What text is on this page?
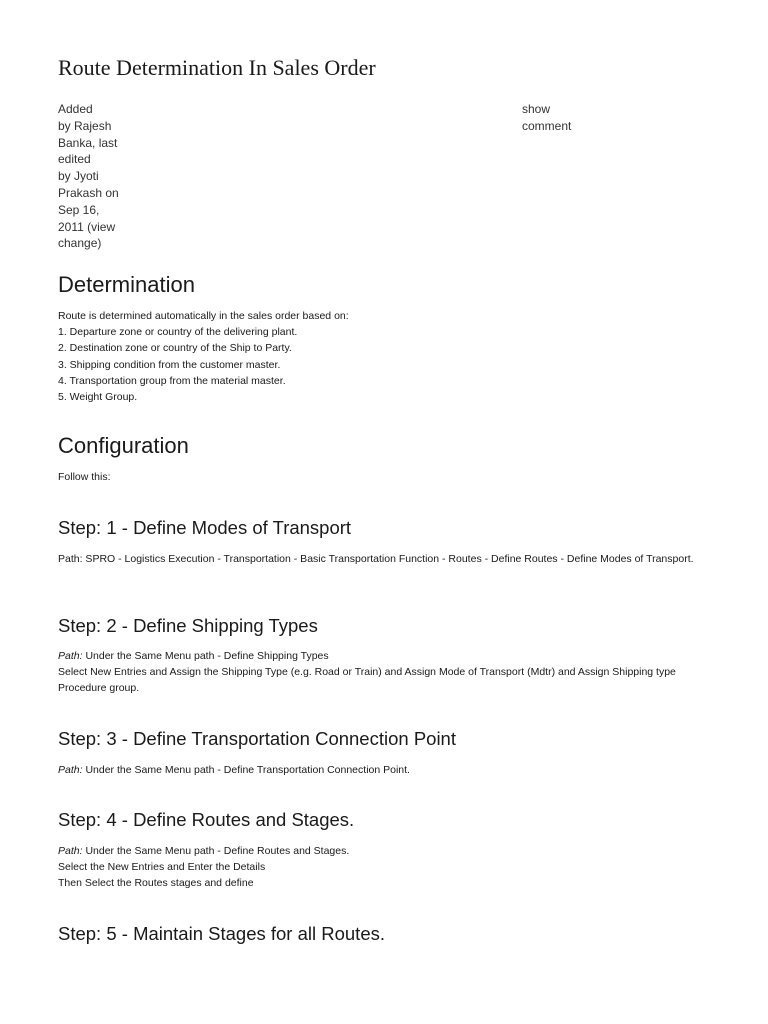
Route Determination In Sales Order
Added
by Rajesh
Banka, last
edited
by Jyoti
Prakash on
Sep 16,
2011 (view
change)
show
comment
Determination
Route is determined automatically in the sales order based on:
1. Departure zone or country of the delivering plant.
2. Destination zone or country of the Ship to Party.
3. Shipping condition from the customer master.
4. Transportation group from the material master.
5. Weight Group.
Configuration
Follow this:
Step: 1 - Define Modes of Transport
Path: SPRO - Logistics Execution - Transportation - Basic Transportation Function - Routes - Define Routes - Define Modes of Transport.
Step: 2 - Define Shipping Types
Path: Under the Same Menu path - Define Shipping Types
Select New Entries and Assign the Shipping Type (e.g. Road or Train) and Assign Mode of Transport (Mdtr) and Assign Shipping type Procedure group.
Step: 3 - Define Transportation Connection Point
Path: Under the Same Menu path - Define Transportation Connection Point.
Step: 4 - Define Routes and Stages.
Path: Under the Same Menu path - Define Routes and Stages.
Select the New Entries and Enter the Details
Then Select the Routes stages and define
Step: 5 - Maintain Stages for all Routes.
